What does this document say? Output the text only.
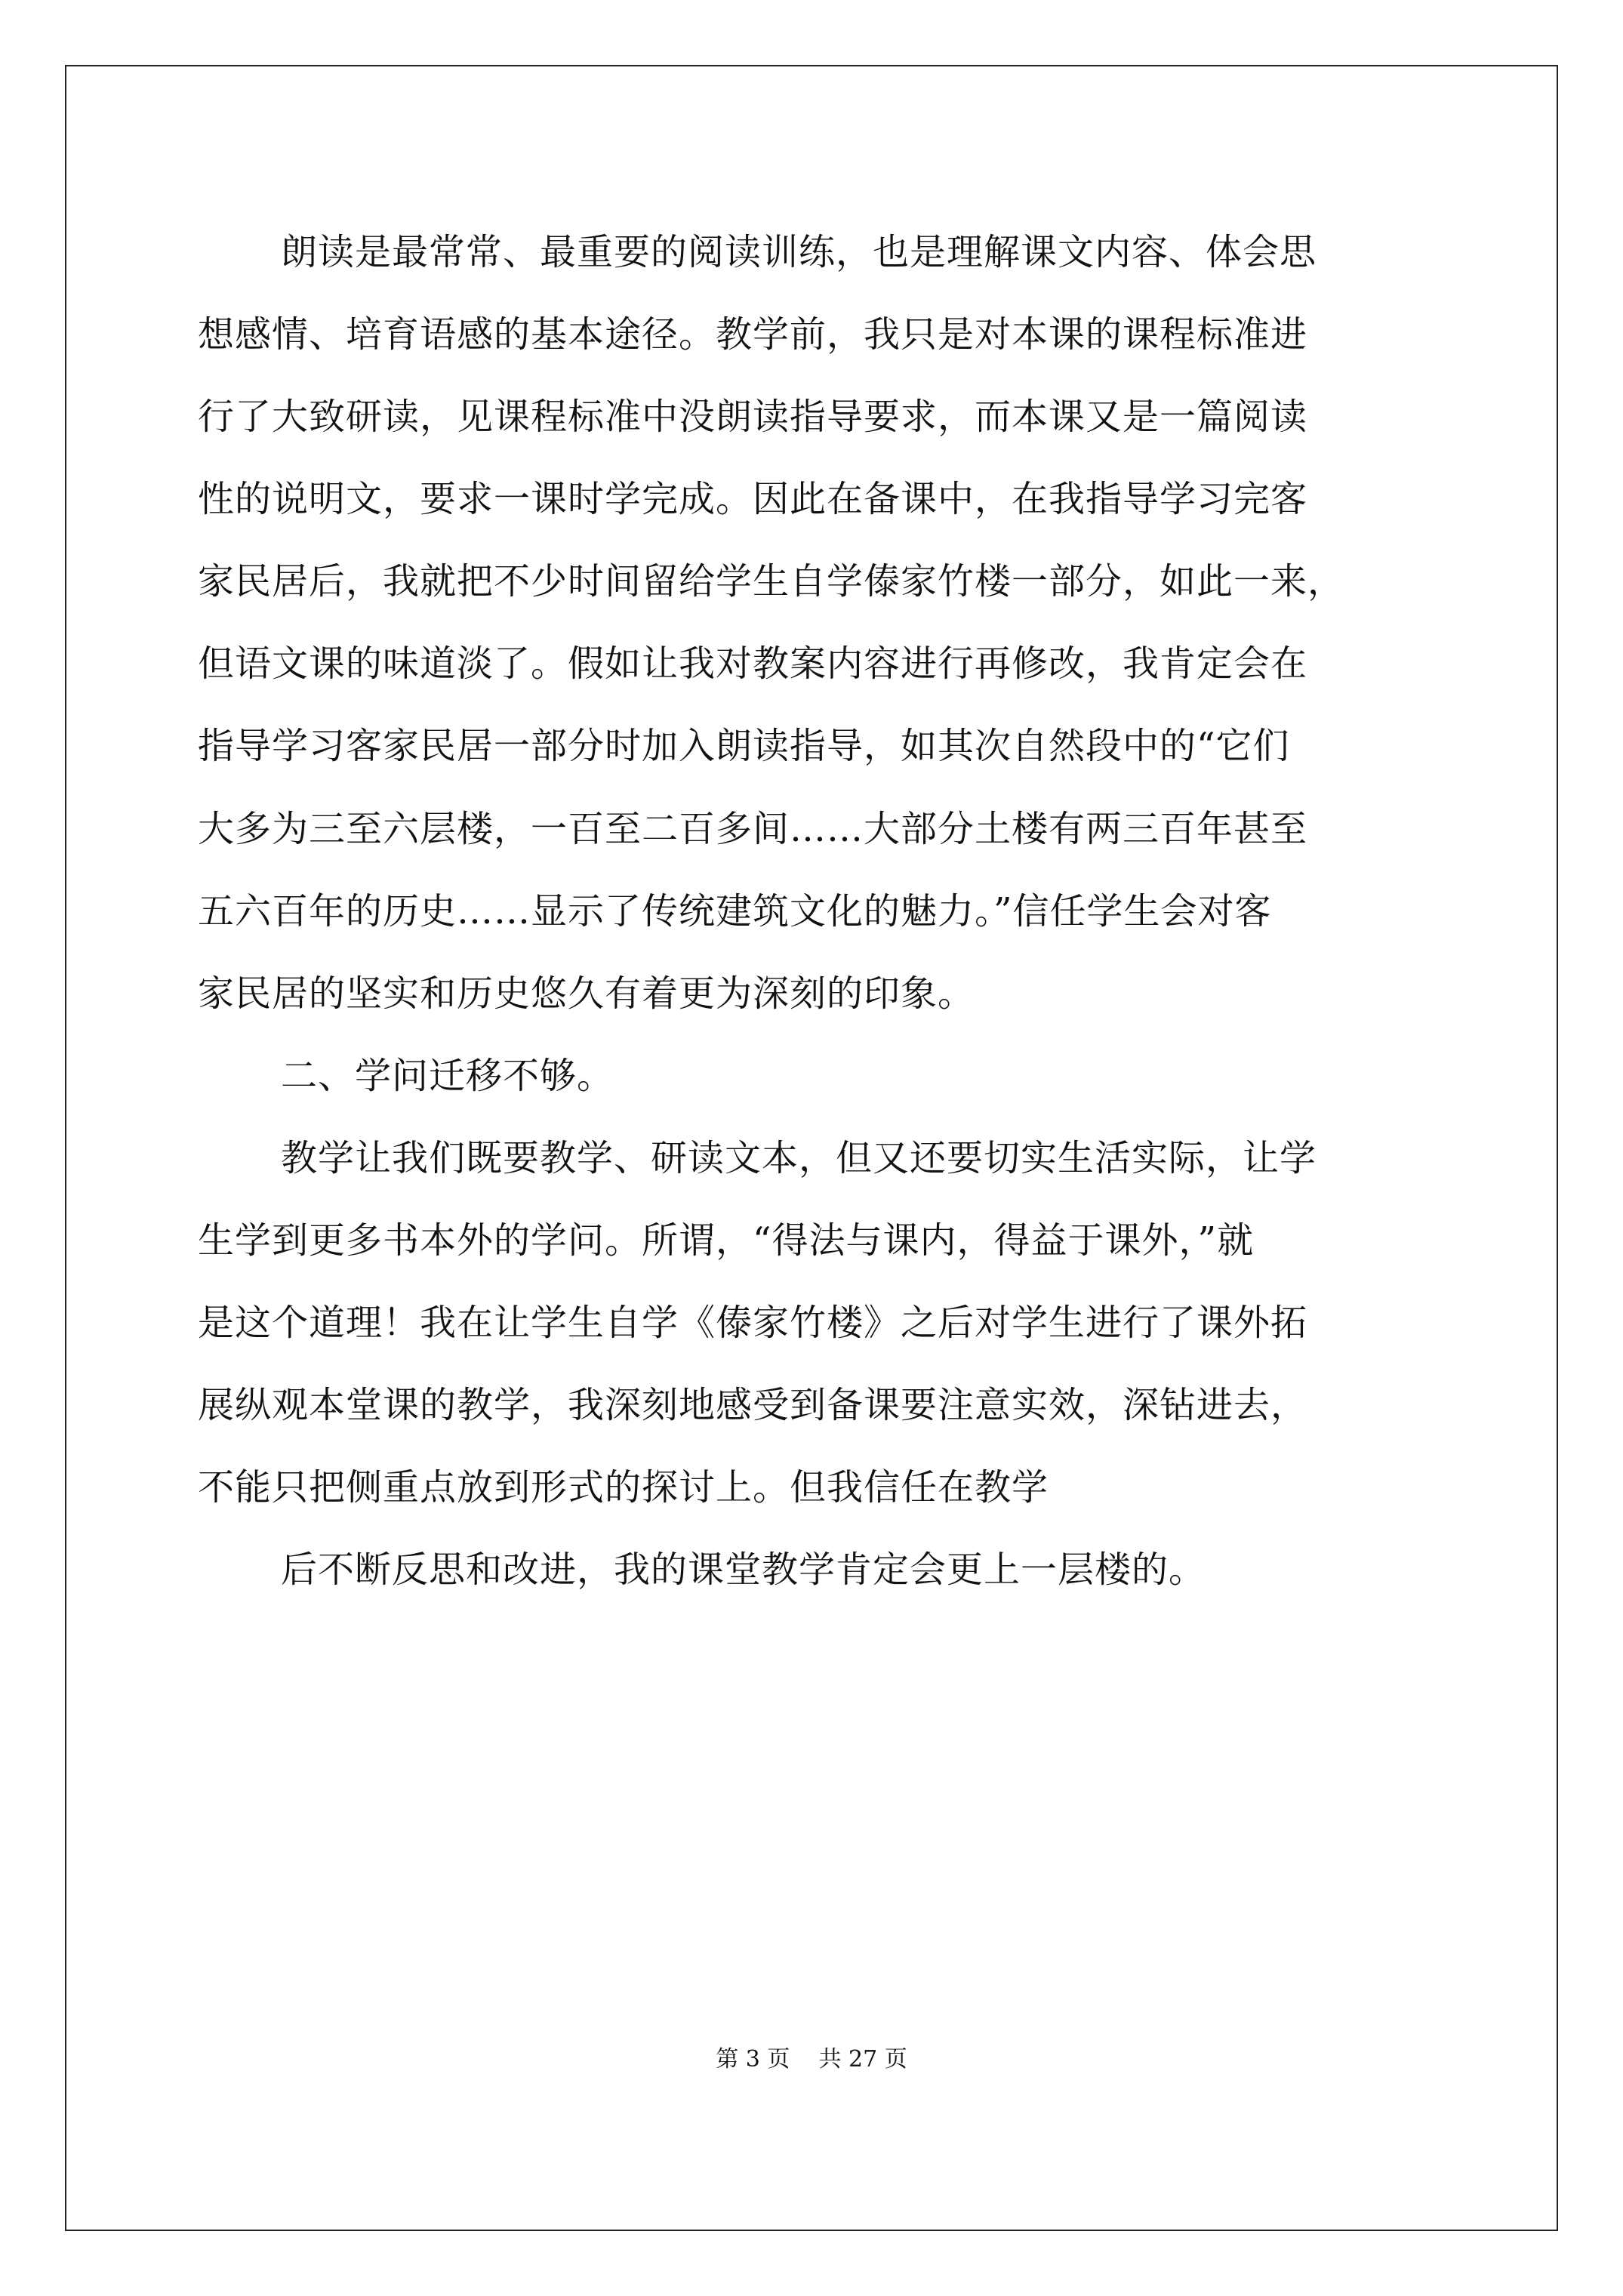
朗读是最常常、最重要的阅读训练，也是理解课文内容、体会思
想感情、培育语感的基本途径。教学前，我只是对本课的课程标准进
行了大致研读，见课程标准中没朗读指导要求，而本课又是一篇阅读
性的说明文，要求一课时学完成。因此在备课中，在我指导学习完客
家民居后，我就把不少时间留给学生自学傣家竹楼一部分，如此一来，
但语文课的味道淡了。假如让我对教案内容进行再修改，我肯定会在
指导学习客家民居一部分时加入朗读指导，如其次自然段中的“它们
大多为三至六层楼，一百至二百多间……大部分土楼有两三百年甚至
五六百年的历史……显示了传统建筑文化的魅力。”信任学生会对客
家民居的坚实和历史悠久有着更为深刻的印象。
二、学问迁移不够。
教学让我们既要教学、研读文本，但又还要切实生活实际，让学
生学到更多书本外的学问。所谓，“得法与课内，得益于课外，”就
是这个道理！我在让学生自学《傣家竹楼》之后对学生进行了课外拓
展纵观本堂课的教学，我深刻地感受到备课要注意实效，深钻进去，
不能只把侧重点放到形式的探讨上。但我信任在教学
后不断反思和改进，我的课堂教学肯定会更上一层楼的。
第 3 页    共 27 页
